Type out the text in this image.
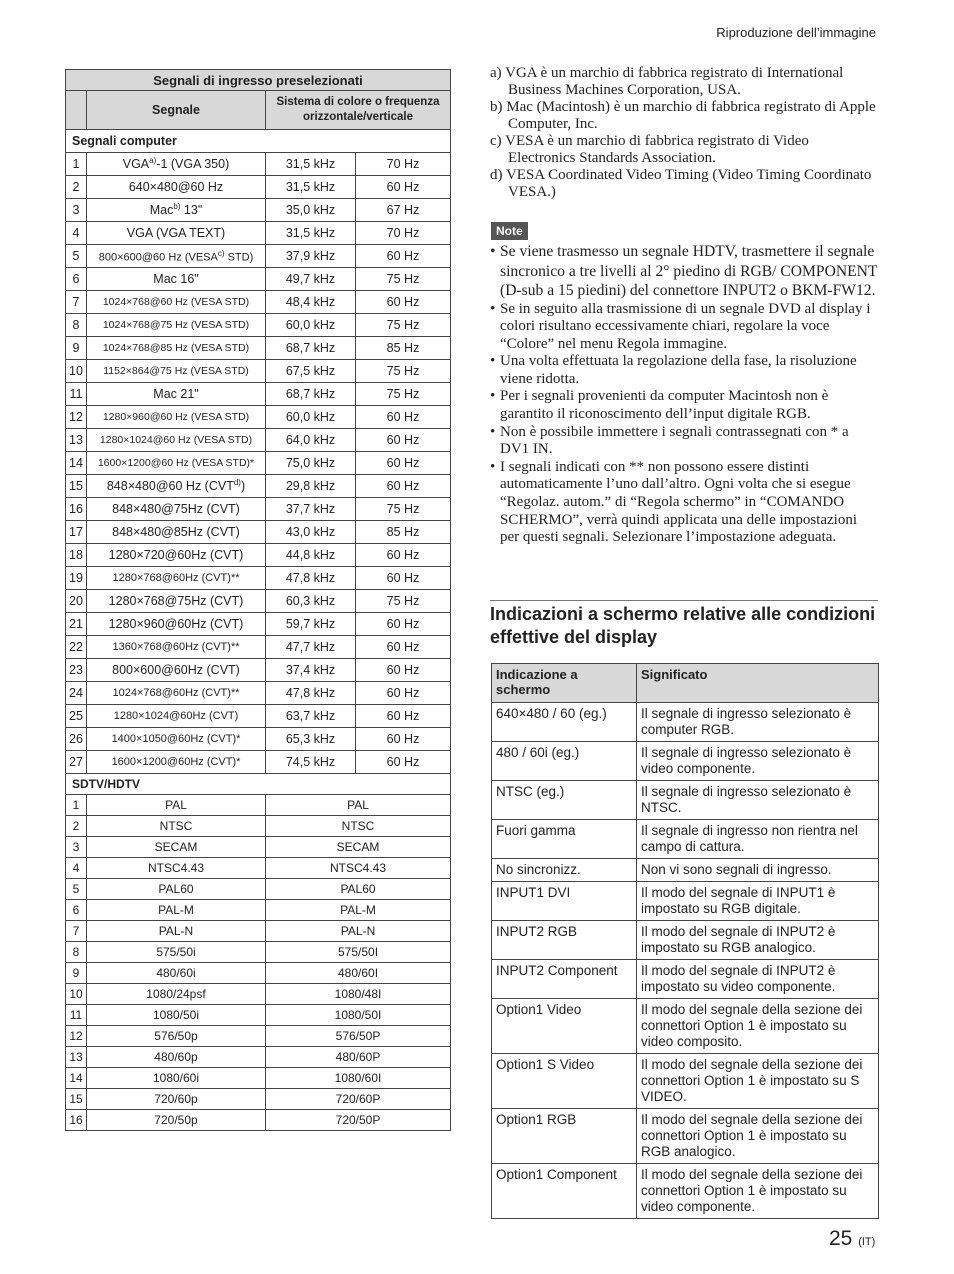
Riproduzione dell’immagine
Segnali di ingresso preselezionati			
	Segnale	Sistema di colore o frequenza orizzontale/verticale	
Segnali computer			
1	VGA$^{a)}$-1 (VGA 350)	31,5 kHz	70 Hz
2	640×480@60 Hz	31,5 kHz	60 Hz
3	Mac$^{b)}$ 13"	35,0 kHz	67 Hz
4	VGA (VGA TEXT)	31,5 kHz	70 Hz
5	800×600@60 Hz (VESA$^{c)}$ STD)	37,9 kHz	60 Hz
6	Mac 16"	49,7 kHz	75 Hz
7	1024×768@60 Hz (VESA STD)	48,4 kHz	60 Hz
8	1024×768@75 Hz (VESA STD)	60,0 kHz	75 Hz
9	1024×768@85 Hz (VESA STD)	68,7 kHz	85 Hz
10	1152×864@75 Hz (VESA STD)	67,5 kHz	75 Hz
11	Mac 21"	68,7 kHz	75 Hz
12	1280×960@60 Hz (VESA STD)	60,0 kHz	60 Hz
13	1280×1024@60 Hz (VESA STD)	64,0 kHz	60 Hz
14	1600×1200@60 Hz (VESA STD)*	75,0 kHz	60 Hz
15	848×480@60 Hz (CVT$^{d)}$)	29,8 kHz	60 Hz
16	848×480@75Hz (CVT)	37,7 kHz	75 Hz
17	848×480@85Hz (CVT)	43,0 kHz	85 Hz
18	1280×720@60Hz (CVT)	44,8 kHz	60 Hz
19	1280×768@60Hz (CVT)**	47,8 kHz	60 Hz
20	1280×768@75Hz (CVT)	60,3 kHz	75 Hz
21	1280×960@60Hz (CVT)	59,7 kHz	60 Hz
22	1360×768@60Hz (CVT)**	47,7 kHz	60 Hz
23	800×600@60Hz (CVT)	37,4 kHz	60 Hz
24	1024×768@60Hz (CVT)**	47,8 kHz	60 Hz
25	1280×1024@60Hz (CVT)	63,7 kHz	60 Hz
26	1400×1050@60Hz (CVT)*	65,3 kHz	60 Hz
27	1600×1200@60Hz (CVT)*	74,5 kHz	60 Hz
SDTV/HDTV			
1	PAL	PAL	
2	NTSC	NTSC	
3	SECAM	SECAM	
4	NTSC4.43	NTSC4.43	
5	PAL60	PAL60	
6	PAL-M	PAL-M	
7	PAL-N	PAL-N	
8	575/50i	575/50I	
9	480/60i	480/60I	
10	1080/24psf	1080/48I	
11	1080/50i	1080/50I	
12	576/50p	576/50P	
13	480/60p	480/60P	
14	1080/60i	1080/60I	
15	720/60p	720/60P	
16	720/50p	720/50P	

a) VGA è un marchio di fabbrica registrato di International Business Machines Corporation, USA.

b) Mac (Macintosh) è un marchio di fabbrica registrato di Apple Computer, Inc.

c) VESA è un marchio di fabbrica registrato di Video Electronics Standards Association.

d) VESA Coordinated Video Timing (Video Timing Coordinato VESA.)

Note

• Se viene trasmesso un segnale HDTV, trasmettere il segnale sincronico a tre livelli al 2° piedino di RGB/ COMPONENT (D-sub a 15 piedini) del connettore INPUT2 o BKM-FW12.

• Se in seguito alla trasmissione di un segnale DVD al display i colori risultano eccessivamente chiari, regolare la voce “Colore” nel menu Regola immagine.

• Una volta effettuata la regolazione della fase, la risoluzione viene ridotta.

• Per i segnali provenienti da computer Macintosh non è garantito il riconoscimento dell’input digitale RGB.

• Non è possibile immettere i segnali contrassegnati con * a DV1 IN.

• I segnali indicati con ** non possono essere distinti automaticamente l’uno dall’altro. Ogni volta che si esegue “Regolaz. autom.” di “Regola schermo” in “COMANDO SCHERMO”, verrà quindi applicata una delle impostazioni per questi segnali. Selezionare l’impostazione adeguata.

Indicazioni a schermo relative alle condizioni effettive del display
Indicazione a schermo	Significato
640×480 / 60 (eg.)	Il segnale di ingresso selezionato è computer RGB.
480 / 60i (eg.)	Il segnale di ingresso selezionato è video componente.
NTSC (eg.)	Il segnale di ingresso selezionato è NTSC.
Fuori gamma	Il segnale di ingresso non rientra nel campo di cattura.
No sincronizz.	Non vi sono segnali di ingresso.
INPUT1 DVI	Il modo del segnale di INPUT1 è impostato su RGB digitale.
INPUT2 RGB	Il modo del segnale di INPUT2 è impostato su RGB analogico.
INPUT2 Component	Il modo del segnale di INPUT2 è impostato su video componente.
Option1 Video	Il modo del segnale della sezione dei connettori Option 1 è impostato su video composito.
Option1 S Video	Il modo del segnale della sezione dei connettori Option 1 è impostato su S VIDEO.
Option1 RGB	Il modo del segnale della sezione dei connettori Option 1 è impostato su RGB analogico.
Option1 Component	Il modo del segnale della sezione dei connettori Option 1 è impostato su video componente.
25 (IT)
